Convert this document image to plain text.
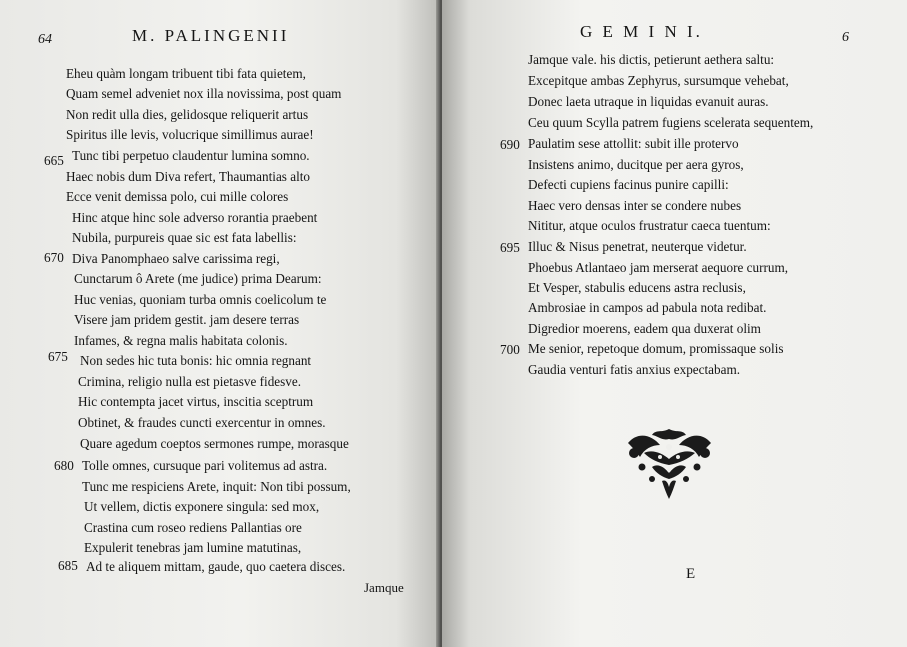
64	M. PALINGENII
665
670
675
680
685
Eheu quàm longam tribuent tibi fata quietem,
Quam semel adveniet nox illa novissima, post quam
Non redit ulla dies, gelidosque reliquerit artus
Spiritus ille levis, volucrique simillimus aurae!
Tunc tibi perpetuo claudentur lumina somno.
Haec nobis dum Diva refert, Thaumantias alto
Ecce venit demissa polo, cui mille colores
Hinc atque hinc sole adverso rorantia praebent
Nubila, purpureis quae sic est fata labellis:
Diva Panomphaeo salve carissima regi,
Cunctarum ô Arete (me judice) prima Dearum:
Huc venias, quoniam turba omnis coelicolum te
Visere jam pridem gestit. jam desere terras
Infames, & regna malis habitata colonis.
Non sedes hic tuta bonis: hic omnia regnant
Crimina, religio nulla est pietasve fidesve.
Hic contempta jacet virtus, inscitia sceptrum
Obtinet, & fraudes cuncti exercentur in omnes.
Quare agedum coeptos sermones rumpe, morasque
Tolle omnes, cursuque pari volitemus ad astra.
Tunc me respiciens Arete, inquit: Non tibi possum,
Ut vellem, dictis exponere singula: sed mox,
Crastina cum roseo rediens Pallantias ore
Expulerit tenebras jam lumine matutinas,
Ad te aliquem mittam, gaude, quo caetera disces.
Jamque
G E M I N I.	6
690
695
700
Jamque vale. his dictis, petierunt aethera saltu:
Excepitque ambas Zephyrus, sursumque vehebat,
Donec laeta utraque in liquidas evanuit auras.
Ceu quum Scylla patrem fugiens scelerata sequentem,
Paulatim sese attollit: subit ille protervo
Insistens animo, ducitque per aera gyros,
Defecti cupiens facinus punire capilli:
Haec vero densas inter se condere nubes
Nititur, atque oculos frustratur caeca tuentum:
Illuc & Nisus penetrat, neuterque videtur.
Phoebus Atlantaeo jam merserat aequore currum,
Et Vesper, stabulis educens astra reclusis,
Ambrosiae in campos ad pabula nota redibat.
Digredior moerens, eadem qua duxerat olim
Me senior, repetoque domum, promissaque solis
Gaudia venturi fatis anxius expectabam.
E
